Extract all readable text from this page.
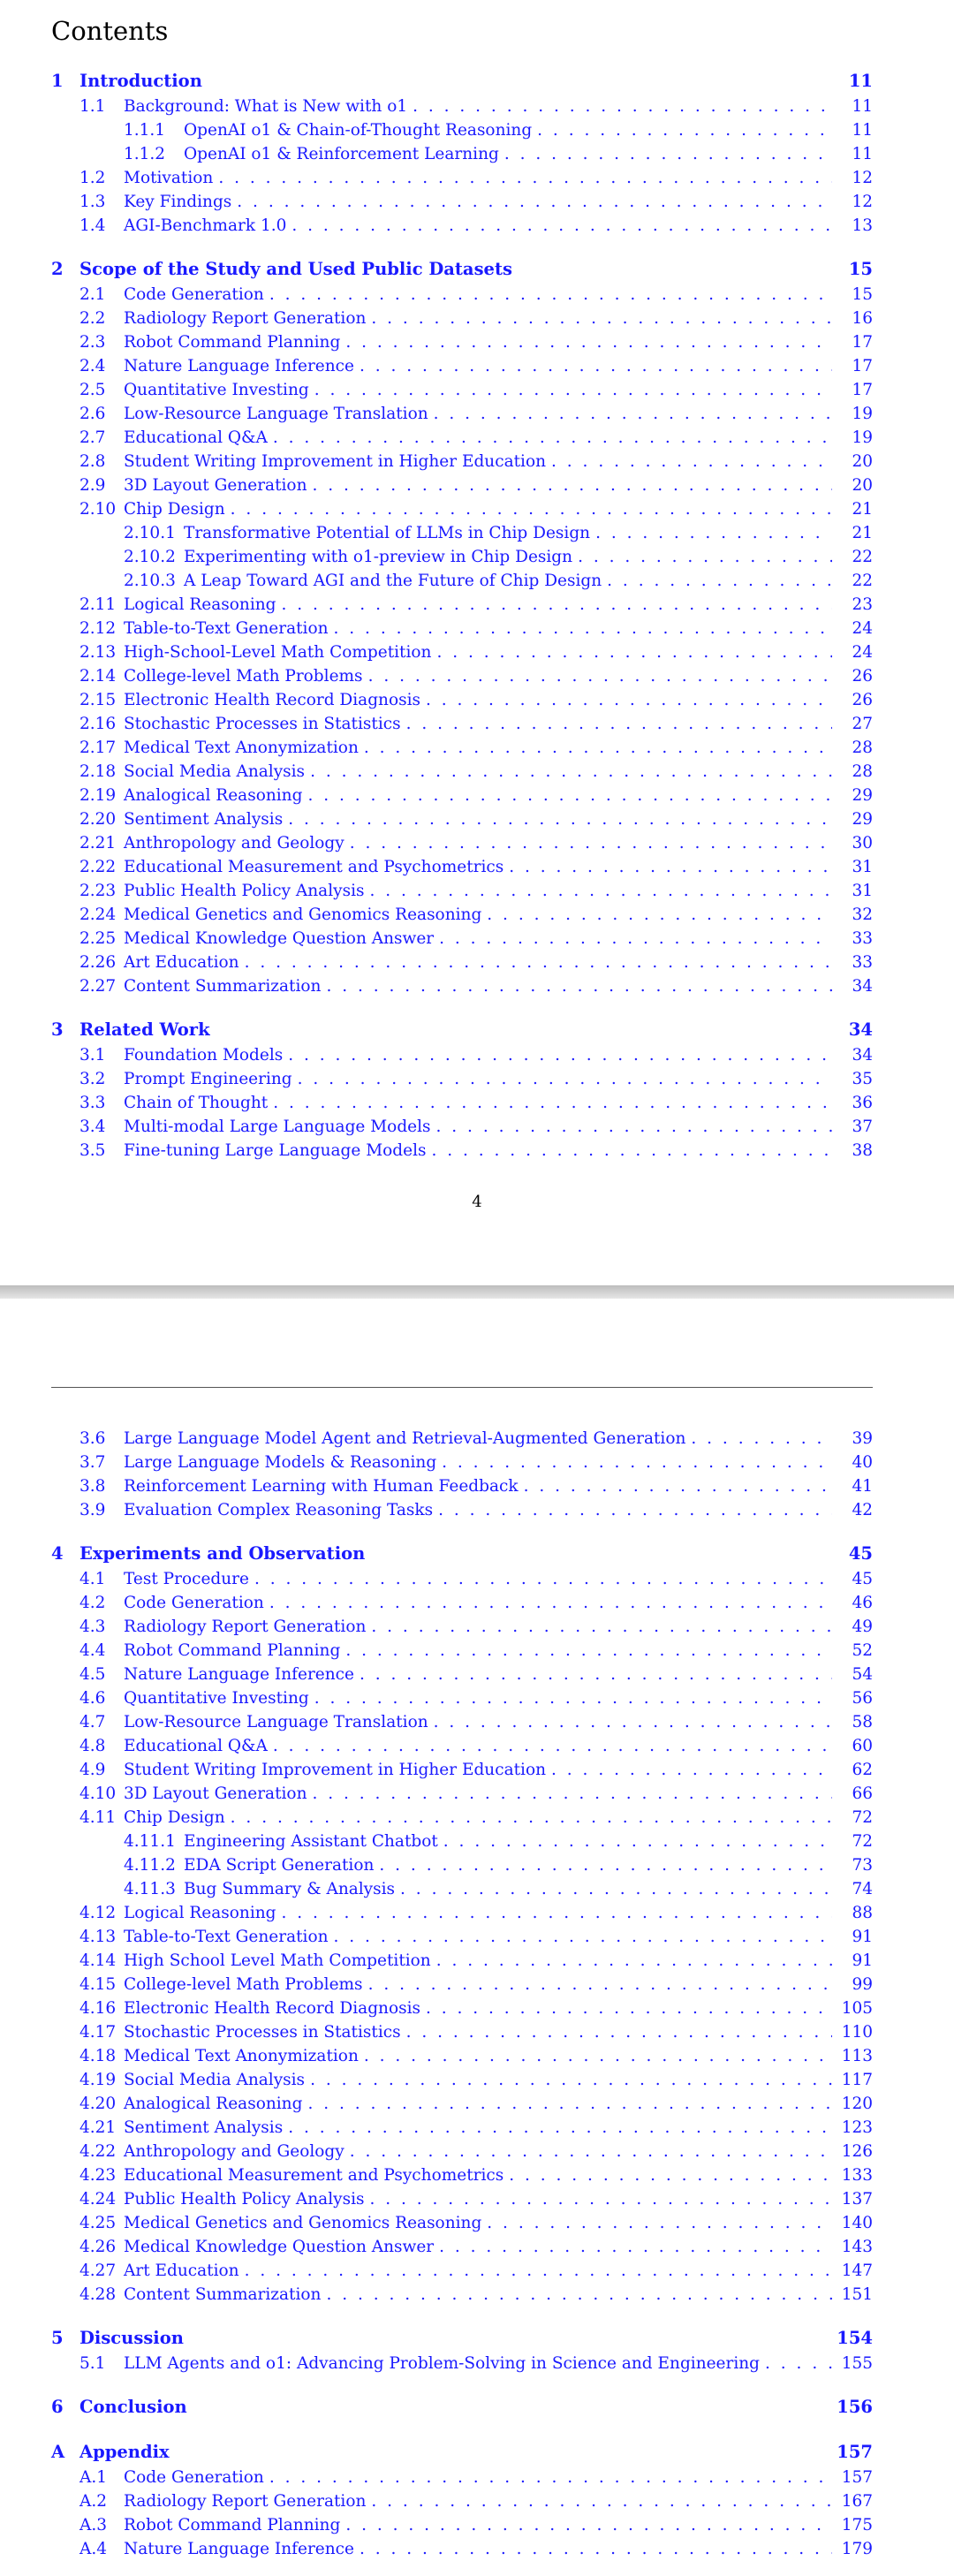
Contents
1 Introduction	11
1.1	Background: What is New with o1 . . .	11
1.1.1	OpenAI o1 & Chain-of-Thought Reasoning . . .	11
1.1.2	OpenAI o1 & Reinforcement Learning . . .	11
1.2	Motivation . . .	12
1.3	Key Findings . . .	12
1.4	AGI-Benchmark 1.0 . . .	13
2 Scope of the Study and Used Public Datasets	15
2.1	Code Generation . . .	15
2.2	Radiology Report Generation . . .	16
2.3	Robot Command Planning . . .	17
2.4	Nature Language Inference . . .	17
2.5	Quantitative Investing . . .	17
2.6	Low-Resource Language Translation . . .	19
2.7	Educational Q&A . . .	19
2.8	Student Writing Improvement in Higher Education . . .	20
2.9	3D Layout Generation . . .	20
2.10 Chip Design . . .	21
2.10.1 Transformative Potential of LLMs in Chip Design . . .	21
2.10.2 Experimenting with o1-preview in Chip Design . . .	22
2.10.3 A Leap Toward AGI and the Future of Chip Design . . .	22
2.11 Logical Reasoning . . .	23
2.12 Table-to-Text Generation . . .	24
2.13 High-School-Level Math Competition . . .	24
2.14 College-level Math Problems . . .	26
2.15 Electronic Health Record Diagnosis . . .	26
2.16 Stochastic Processes in Statistics . . .	27
2.17 Medical Text Anonymization . . .	28
2.18 Social Media Analysis . . .	28
2.19 Analogical Reasoning . . .	29
2.20 Sentiment Analysis . . .	29
2.21 Anthropology and Geology . . .	30
2.22 Educational Measurement and Psychometrics . . .	31
2.23 Public Health Policy Analysis . . .	31
2.24 Medical Genetics and Genomics Reasoning . . .	32
2.25 Medical Knowledge Question Answer . . .	33
2.26 Art Education . . .	33
2.27 Content Summarization . . .	34
3 Related Work	34
3.1	Foundation Models . . .	34
3.2	Prompt Engineering . . .	35
3.3	Chain of Thought . . .	36
3.4	Multi-modal Large Language Models . . .	37
3.5	Fine-tuning Large Language Models . . .	38
4
3.6	Large Language Model Agent and Retrieval-Augmented Generation . . .	39
3.7	Large Language Models & Reasoning . . .	40
3.8	Reinforcement Learning with Human Feedback . . .	41
3.9	Evaluation Complex Reasoning Tasks . . .	42
4 Experiments and Observation	45
4.1	Test Procedure . . .	45
4.2	Code Generation . . .	46
4.3	Radiology Report Generation . . .	49
4.4	Robot Command Planning . . .	52
4.5	Nature Language Inference . . .	54
4.6	Quantitative Investing . . .	56
4.7	Low-Resource Language Translation . . .	58
4.8	Educational Q&A . . .	60
4.9	Student Writing Improvement in Higher Education . . .	62
4.10 3D Layout Generation . . .	66
4.11 Chip Design . . .	72
4.11.1 Engineering Assistant Chatbot . . .	72
4.11.2 EDA Script Generation . . .	73
4.11.3 Bug Summary & Analysis . . .	74
4.12 Logical Reasoning . . .	88
4.13 Table-to-Text Generation . . .	91
4.14 High School Level Math Competition . . .	91
4.15 College-level Math Problems . . .	99
4.16 Electronic Health Record Diagnosis . . .	105
4.17 Stochastic Processes in Statistics . . .	110
4.18 Medical Text Anonymization . . .	113
4.19 Social Media Analysis . . .	117
4.20 Analogical Reasoning . . .	120
4.21 Sentiment Analysis . . .	123
4.22 Anthropology and Geology . . .	126
4.23 Educational Measurement and Psychometrics . . .	133
4.24 Public Health Policy Analysis . . .	137
4.25 Medical Genetics and Genomics Reasoning . . .	140
4.26 Medical Knowledge Question Answer . . .	143
4.27 Art Education . . .	147
4.28 Content Summarization . . .	151
5 Discussion	154
5.1	LLM Agents and o1: Advancing Problem-Solving in Science and Engineering . . .	155
6 Conclusion	156
A Appendix	157
A.1	Code Generation . . .	157
A.2	Radiology Report Generation . . .	167
A.3	Robot Command Planning . . .	175
A.4	Nature Language Inference . . .	179
